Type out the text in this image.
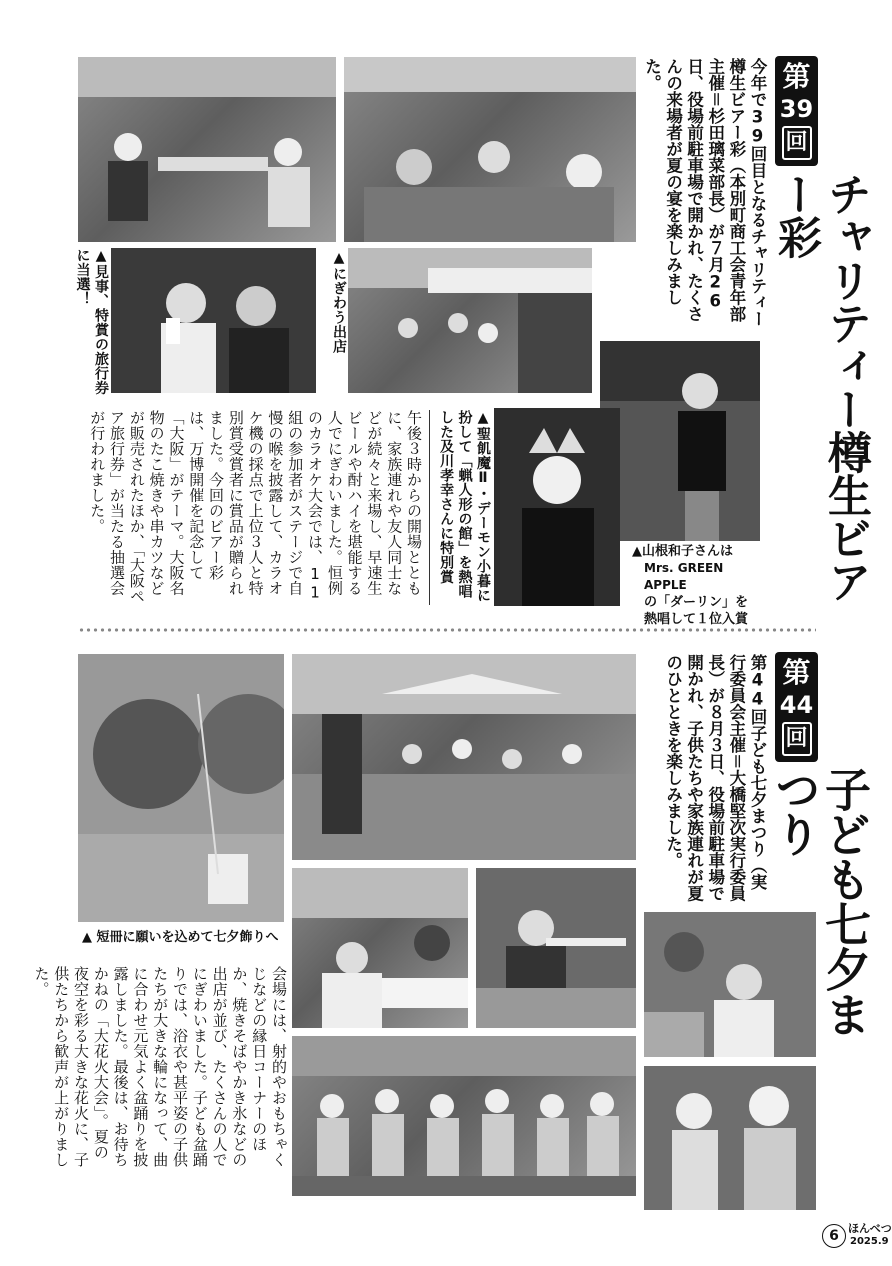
第
39
回
チャリティー樽生ビアー彩
今年で39回目となるチャリティー樽生ビアー彩（本別町商工会青年部主催＝杉田璃菜部長）が７月26日、役場前駐車場で開かれ、たくさんの来場者が夏の宴を楽しみました。
▲見事、特賞の旅行券に当選！	▲にぎわう出店
▲山根和子さんは
Mrs. GREEN APPLE
の「ダーリン」を
熱唱して１位入賞
▲聖飢魔Ⅱ・デーモン小暮に扮して「蝋人形の館」を熱唱した及川孝幸さんに特別賞
午後３時からの開場とともに、家族連れや友人同士などが続々と来場し、早速生ビールや酎ハイを堪能する人でにぎわいました。恒例のカラオケ大会では、11組の参加者がステージで自慢の喉を披露して、カラオケ機の採点で上位３人と特別賞受賞者に賞品が贈られました。今回のビアー彩は、万博開催を記念して「大阪」がテーマ。大阪名物のたこ焼きや串カツなどが販売されたほか、「大阪ペア旅行券」が当たる抽選会が行われました。
第
44
回
子ども七夕まつり
第44回子ども七夕まつり（実行委員会主催＝大橋堅次実行委員長）が８月３日、役場前駐車場で開かれ、子供たちや家族連れが夏のひとときを楽しみました。
▲ 短冊に願いを込めて七夕飾りへ
会場には、射的やおもちゃくじなどの縁日コーナーのほか、焼きそばやかき氷などの出店が並び、たくさんの人でにぎわいました。子ども盆踊りでは、浴衣や甚平姿の子供たちが大きな輪になって、曲に合わせ元気よく盆踊りを披露しました。最後は、お待ちかねの「大花火大会」。夏の夜空を彩る大きな花火に、子供たちから歓声が上がりました。
6 ほんべつ
2025.9
